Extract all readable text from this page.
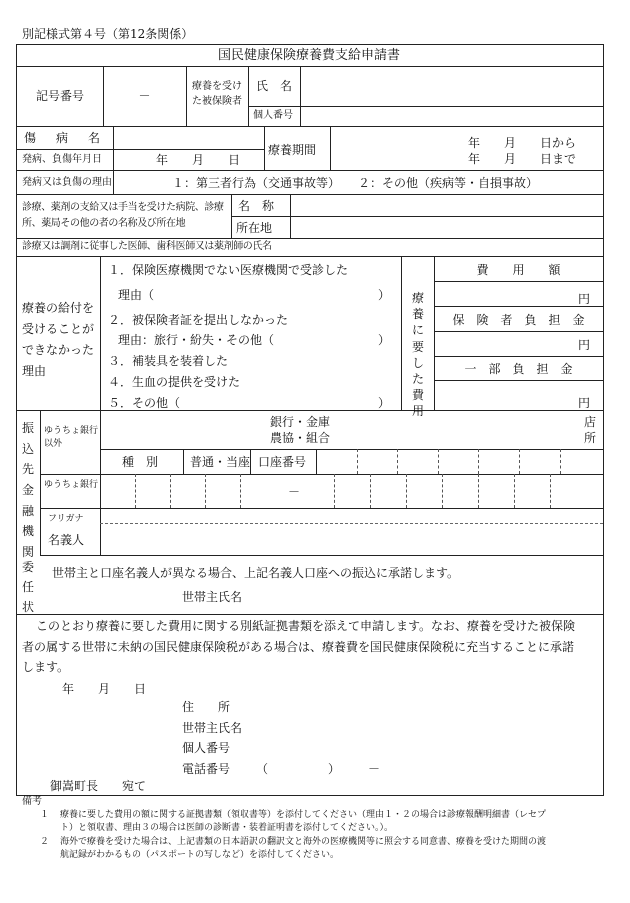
別記様式第４号（第12条関係）
国民健康保険療養費支給申請書
記号番号	－
療養を受けた被保険者
氏　名
個人番号
傷　病　名
発病、負傷年月日	年　　月　　日
療養期間	年　　月　　日から
年　　月　　日まで
発病又は負傷の理由	１：第三者行為（交通事故等）　　２：その他（疾病等・自損事故）
診療、薬剤の支給又は手当を受けた病院、診療所、薬局その他の者の名称及び所在地
名　称
所在地
診療又は調剤に従事した医師、歯科医師又は薬剤師の氏名
療養の給付を受けることができなかった理由
１．保険医療機関でない医療機関で受診した
理由（	）
２．被保険者証を提出しなかった
理由：旅行・紛失・その他（	）
３．補装具を装着した
４．生血の提供を受けた
５．その他（	）
療養に要した費用
費　　用　　額
円
保　険　者　負　担　金
円
一　部　負　担　金
円
振込先金融機関
ゆうちょ銀行以外
銀行・金庫
農協・組合
店
所
種　別	普通・当座 口座番号
ゆうちょ銀行	－
フリガナ
名義人
委任状
世帯主と口座名義人が異なる場合、上記名義人口座への振込に承諾します。
世帯主氏名
このとおり療養に要した費用に関する別紙証拠書類を添えて申請します。なお、療養を受けた被保険
者の属する世帯に未納の国民健康保険税がある場合は、療養費を国民健康保険税に充当することに承諾
します。
年　　月　　日
住　　所
世帯主氏名
個人番号
電話番号 （　　　　　） －
御嵩町長　　宛て
備考
１ 療養に要した費用の額に関する証拠書類（領収書等）を添付してください（理由１・２の場合は診療報酬明細書（レセプ
ト）と領収書、理由３の場合は医師の診断書・装着証明書を添付してください。）。
２ 海外で療養を受けた場合は、上記書類の日本語訳の翻訳文と海外の医療機関等に照会する同意書、療養を受けた期間の渡
航記録がわかるもの（パスポートの写しなど）を添付してください。
